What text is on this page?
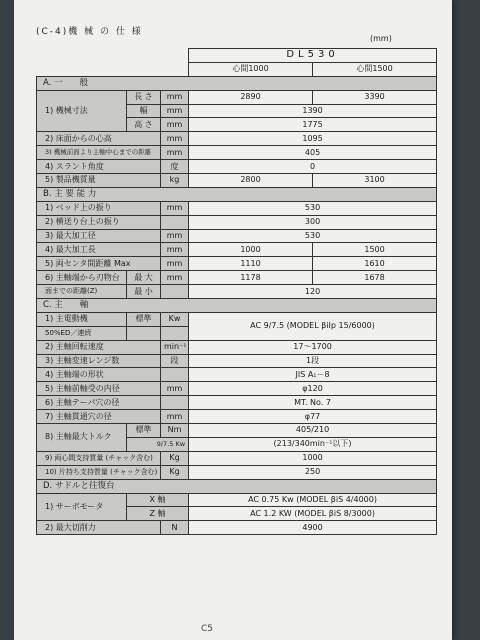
(C-4)機 械 の 仕 様
(mm)
			DL530	
			心間1000	心間1500
A. 一　　般				
1) 機械寸法	長 さ	mm	2890	3390
	幅	mm	1390	
	高 さ	mm	1775	
2) 床面からの心高		mm	1095	
3) 機械前面より主軸中心までの距離		mm	405	
4) スラント角度		度	0	
5) 製品機質量		kg	2800	3100
B. 主 要 能 力				
1) ベッド上の振り		mm	530	
2) 横送り台上の振り			300	
3) 最大加工径		mm	530	
4) 最大加工長		mm	1000	1500
5) 両センタ間距離 Max		mm	1110	1610
6) 主軸端から刃物台	最 大	mm	1178	1678
面までの距離(Z)	最 小		120	
C. 主　　軸				
1) 主電動機	標準	Kw	AC 9/7.5 (MODEL βiIp 15/6000)	
50%ED／連続				
2) 主軸回転速度		min⁻¹	17～1700	
3) 主軸変速レンジ数		段	1段	
4) 主軸端の形状			JIS A₁－8	
5) 主軸前軸受の内径		mm	φ120	
6) 主軸テーパ穴の径			MT. No. 7	
7) 主軸貫通穴の径		mm	φ77	
8) 主軸最大トルク	標準	Nm	405/210	
	9/7.5 Kw		(213/340min⁻¹以下)	
9) 両心間支持質量 (チャック含む)		Kg	1000	
10) 片持ち支持質量 (チャック含む)		Kg	250	
D. サドルと往復台				
1) サーボモータ	X 軸		AC 0.75 Kw (MODEL βiS 4/4000)	
	Z 軸		AC 1.2 KW (MODEL βiS 8/3000)	
2) 最大切削力		N	4900	
C5
